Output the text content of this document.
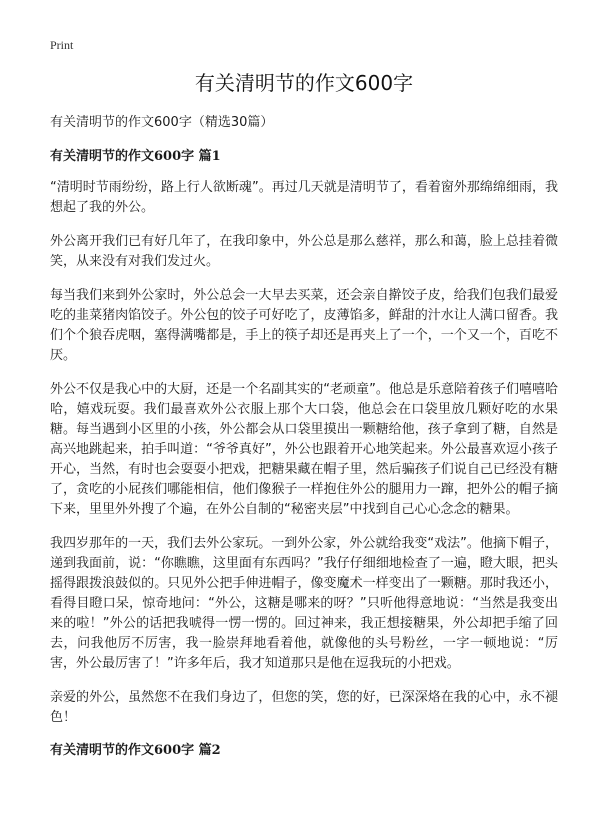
Print
有关清明节的作文600字

有关清明节的作文600字（精选30篇）

有关清明节的作文600字 篇1

“清明时节雨纷纷，路上行人欲断魂”。再过几天就是清明节了，看着窗外那绵绵细雨，我想起了我的外公。

外公离开我们已有好几年了，在我印象中，外公总是那么慈祥，那么和蔼，脸上总挂着微笑，从来没有对我们发过火。

每当我们来到外公家时，外公总会一大早去买菜，还会亲自擀饺子皮，给我们包我们最爱吃的韭菜猪肉馅饺子。外公包的饺子可好吃了，皮薄馅多，鲜甜的汁水让人满口留香。我们个个狼吞虎咽，塞得满嘴都是，手上的筷子却还是再夹上了一个，一个又一个，百吃不厌。

外公不仅是我心中的大厨，还是一个名副其实的“老顽童”。他总是乐意陪着孩子们嘻嘻哈哈，嬉戏玩耍。我们最喜欢外公衣服上那个大口袋，他总会在口袋里放几颗好吃的水果糖。每当遇到小区里的小孩，外公都会从口袋里摸出一颗糖给他，孩子拿到了糖，自然是高兴地跳起来，拍手叫道：“爷爷真好”，外公也跟着开心地笑起来。外公最喜欢逗小孩子开心，当然，有时也会耍耍小把戏，把糖果藏在帽子里，然后骗孩子们说自己已经没有糖了，贪吃的小屁孩们哪能相信，他们像猴子一样抱住外公的腿用力一蹿，把外公的帽子摘下来，里里外外搜了个遍，在外公自制的“秘密夹层”中找到自己心心念念的糖果。

我四岁那年的一天，我们去外公家玩。一到外公家，外公就给我变“戏法”。他摘下帽子，递到我面前，说：“你瞧瞧，这里面有东西吗？”我仔仔细细地检查了一遍，瞪大眼，把头摇得跟拨浪鼓似的。只见外公把手伸进帽子，像变魔术一样变出了一颗糖。那时我还小，看得目瞪口呆，惊奇地问：“外公，这糖是哪来的呀？”只听他得意地说：“当然是我变出来的啦！”外公的话把我唬得一愣一愣的。回过神来，我正想接糖果，外公却把手缩了回去，问我他厉不厉害，我一脸崇拜地看着他，就像他的头号粉丝，一字一顿地说：“厉害，外公最厉害了！”许多年后，我才知道那只是他在逗我玩的小把戏。

亲爱的外公，虽然您不在我们身边了，但您的笑，您的好，已深深烙在我的心中，永不褪色！

有关清明节的作文600字 篇2
